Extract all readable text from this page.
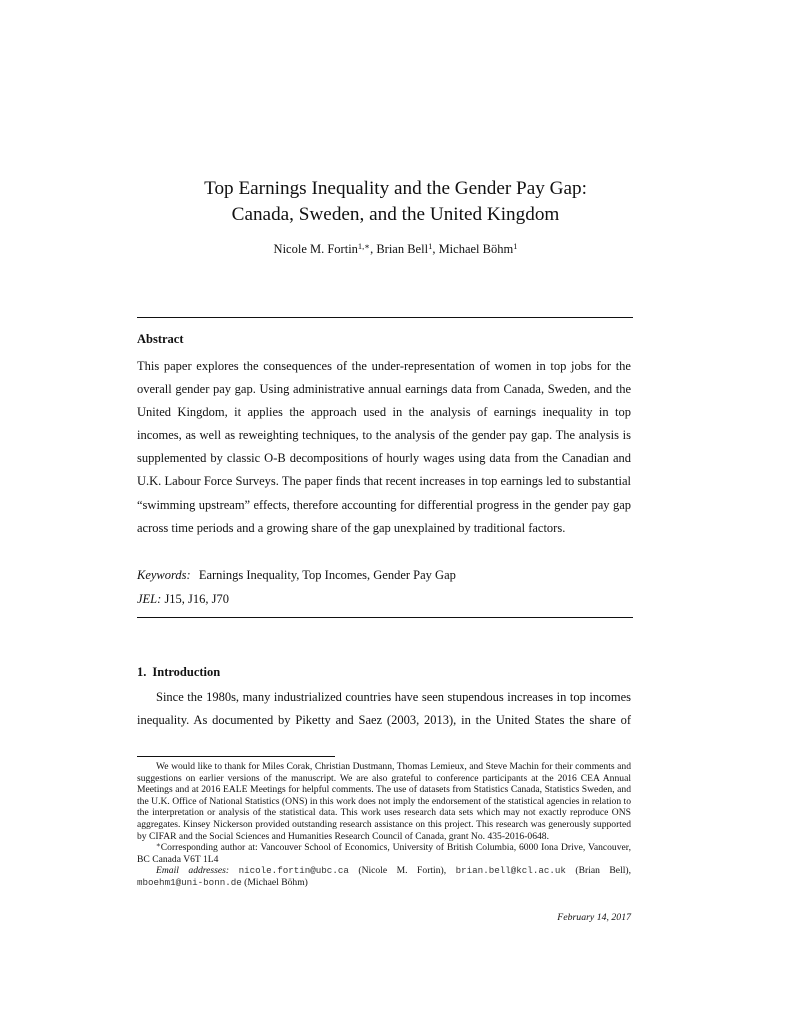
Top Earnings Inequality and the Gender Pay Gap:
Canada, Sweden, and the United Kingdom
Nicole M. Fortin$^{1,∗}$, Brian Bell$^1$, Michael Böhm$^1$
Abstract

This paper explores the consequences of the under-representation of women in top jobs for the overall gender pay gap. Using administrative annual earnings data from Canada, Sweden, and the United Kingdom, it applies the approach used in the analysis of earnings inequality in top incomes, as well as reweighting techniques, to the analysis of the gender pay gap. The analysis is supplemented by classic O-B decompositions of hourly wages using data from the Canadian and U.K. Labour Force Surveys. The paper finds that recent increases in top earnings led to substantial “swimming upstream” effects, therefore accounting for differential progress in the gender pay gap across time periods and a growing share of the gap unexplained by traditional factors.

Keywords: Earnings Inequality, Top Incomes, Gender Pay Gap
JEL: J15, J16, J70
1. Introduction

Since the 1980s, many industrialized countries have seen stupendous increases in top incomes inequality. As documented by Piketty and Saez (2003, 2013), in the United States the share of

We would like to thank for Miles Corak, Christian Dustmann, Thomas Lemieux, and Steve Machin for their comments and suggestions on earlier versions of the manuscript. We are also grateful to conference participants at the 2016 CEA Annual Meetings and at 2016 EALE Meetings for helpful comments. The use of datasets from Statistics Canada, Statistics Sweden, and the U.K. Office of National Statistics (ONS) in this work does not imply the endorsement of the statistical agencies in relation to the interpretation or analysis of the statistical data. This work uses research data sets which may not exactly reproduce ONS aggregates. Kinsey Nickerson provided outstanding research assistance on this project. This research was generously supported by CIFAR and the Social Sciences and Humanities Research Council of Canada, grant No. 435-2016-0648.

∗Corresponding author at: Vancouver School of Economics, University of British Columbia, 6000 Iona Drive, Vancouver, BC Canada V6T 1L4

Email addresses: nicole.fortin@ubc.ca (Nicole M. Fortin), brian.bell@kcl.ac.uk (Brian Bell), mboehm1@uni-bonn.de (Michael Böhm)

February 14, 2017
